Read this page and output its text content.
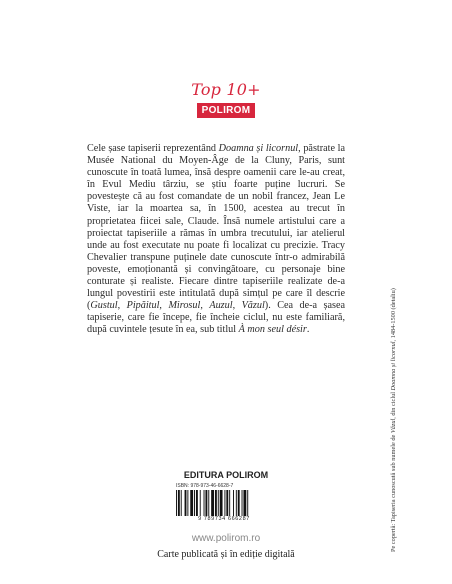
Top 10+
POLIROM

Cele șase tapiserii reprezentând Doamna și licornul, păstrate la Musée National du Moyen-Âge de la Cluny, Paris, sunt cunoscute în toată lumea, însă despre oamenii care le-au creat, în Evul Mediu târziu, se știu foarte puține lucruri. Se povestește că au fost comandate de un nobil francez, Jean Le Viste, iar la moartea sa, în 1500, acestea au trecut în proprietatea fiicei sale, Claude. Însă numele artistului care a proiectat tapiseriile a rămas în umbra trecutului, iar atelierul unde au fost executate nu poate fi localizat cu precizie. Tracy Chevalier transpune puținele date cunoscute într-o admirabilă poveste, emoționantă și convingătoare, cu personaje bine conturate și realiste. Fiecare dintre tapiseriile realizate de-a lungul povestirii este intitulată după simțul pe care îl descrie (Gustul, Pipăitul, Mirosul, Auzul, Văzul). Cea de-a șasea tapiserie, care fie începe, fie încheie ciclul, nu este familiară, după cuvintele țesute în ea, sub titlul À mon seul désir.

EDITURA POLIROM
ISBN: 978-973-46-6628-7
9 789734 666287
www.polirom.ro
Carte publicată și în ediție digitală
Pe copertă: Tapiseria cunoscută sub numele de Văzul, din ciclul Doamna și licornul, 1484-1500 (detaliu)
